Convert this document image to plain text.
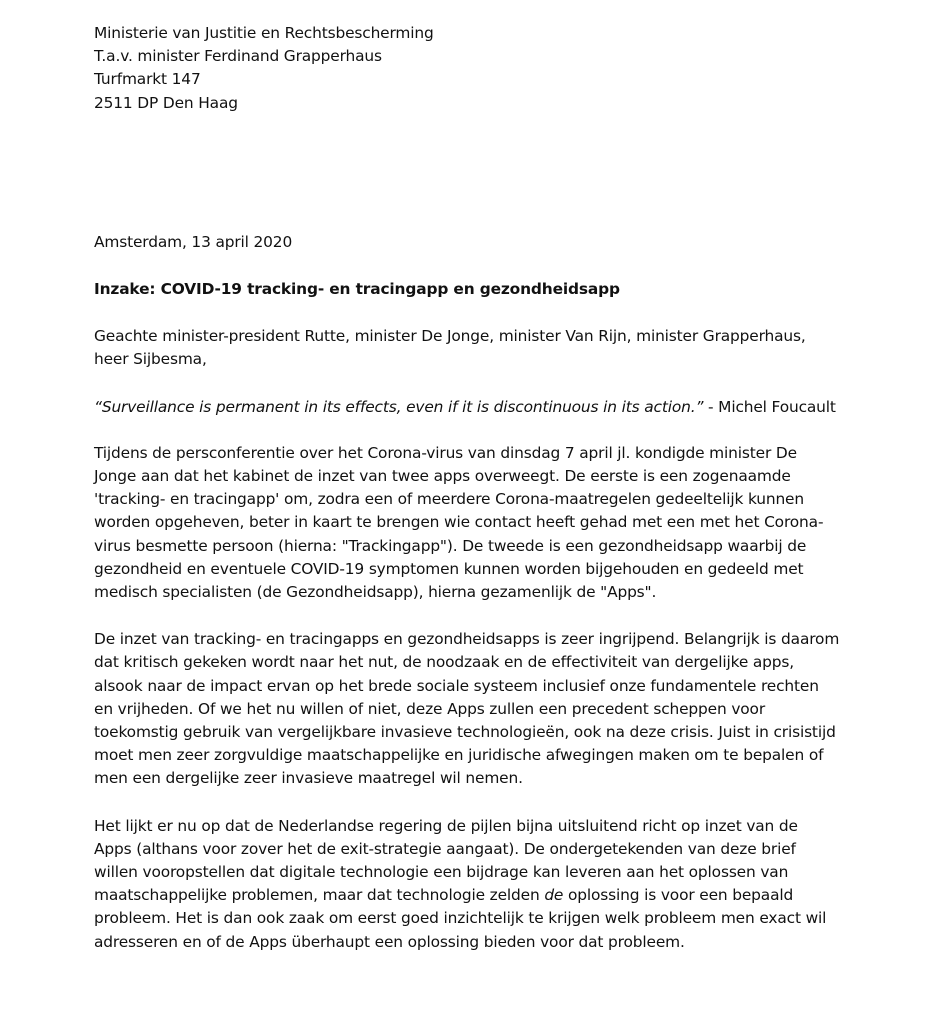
Ministerie van Justitie en Rechtsbescherming
T.a.v. minister Ferdinand Grapperhaus
Turfmarkt 147
2511 DP Den Haag
Amsterdam, 13 april 2020
Inzake: COVID-19 tracking- en tracingapp en gezondheidsapp
Geachte minister-president Rutte, minister De Jonge, minister Van Rijn, minister Grapperhaus,
heer Sijbesma,
“Surveillance is permanent in its effects, even if it is discontinuous in its action.” - Michel Foucault
Tijdens de persconferentie over het Corona-virus van dinsdag 7 april jl. kondigde minister De
Jonge aan dat het kabinet de inzet van twee apps overweegt. De eerste is een zogenaamde
'tracking- en tracingapp' om, zodra een of meerdere Corona-maatregelen gedeeltelijk kunnen
worden opgeheven, beter in kaart te brengen wie contact heeft gehad met een met het Corona-
virus besmette persoon (hierna: "Trackingapp"). De tweede is een gezondheidsapp waarbij de
gezondheid en eventuele COVID-19 symptomen kunnen worden bijgehouden en gedeeld met
medisch specialisten (de Gezondheidsapp), hierna gezamenlijk de "Apps".
De inzet van tracking- en tracingapps en gezondheidsapps is zeer ingrijpend. Belangrijk is daarom
dat kritisch gekeken wordt naar het nut, de noodzaak en de effectiviteit van dergelijke apps,
alsook naar de impact ervan op het brede sociale systeem inclusief onze fundamentele rechten
en vrijheden. Of we het nu willen of niet, deze Apps zullen een precedent scheppen voor
toekomstig gebruik van vergelijkbare invasieve technologieën, ook na deze crisis. Juist in crisistijd
moet men zeer zorgvuldige maatschappelijke en juridische afwegingen maken om te bepalen of
men een dergelijke zeer invasieve maatregel wil nemen.
Het lijkt er nu op dat de Nederlandse regering de pijlen bijna uitsluitend richt op inzet van de
Apps (althans voor zover het de exit-strategie aangaat). De ondergetekenden van deze brief
willen vooropstellen dat digitale technologie een bijdrage kan leveren aan het oplossen van
maatschappelijke problemen, maar dat technologie zelden de oplossing is voor een bepaald
probleem. Het is dan ook zaak om eerst goed inzichtelijk te krijgen welk probleem men exact wil
adresseren en of de Apps überhaupt een oplossing bieden voor dat probleem.
